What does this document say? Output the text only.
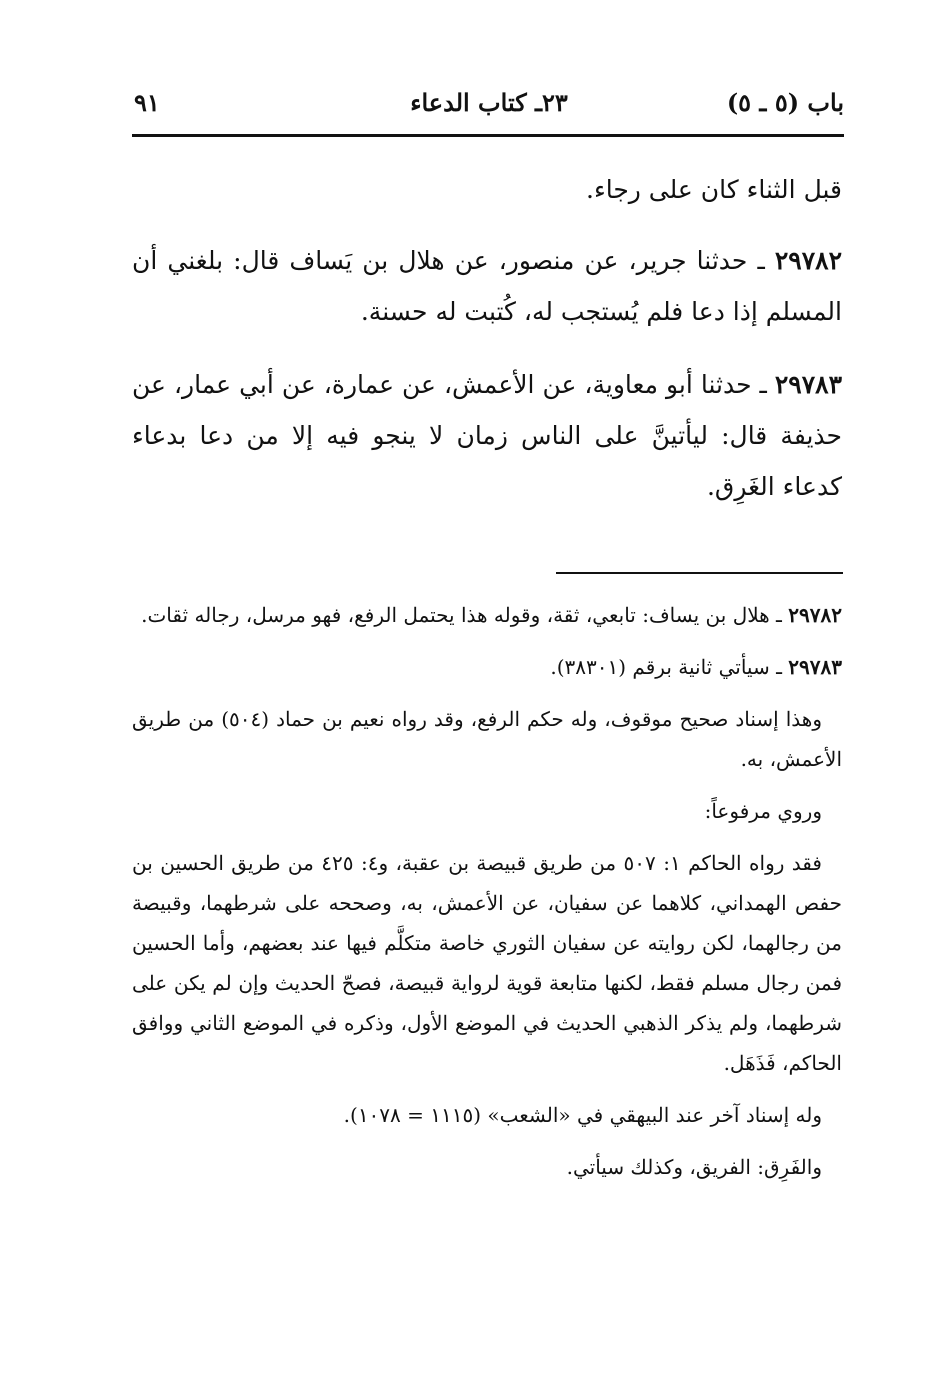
٩١	٢٣ـ كتاب الدعاء	باب (٥ ـ ٥)

قبل الثناء كان على رجاء.

٢٩٧٨٢ ـ حدثنا جرير، عن منصور، عن هلال بن يَساف قال: بلغني أن المسلم إذا دعا فلم يُستجب له، كُتبت له حسنة.

٢٩٧٨٣ ـ حدثنا أبو معاوية، عن الأعمش، عن عمارة، عن أبي عمار، عن حذيفة قال: ليأتينَّ على الناس زمان لا ينجو فيه إلا من دعا بدعاء كدعاء الغَرِق.

٢٩٧٨٢ ـ هلال بن يساف: تابعي، ثقة، وقوله هذا يحتمل الرفع، فهو مرسل، رجاله ثقات.

٢٩٧٨٣ ـ سيأتي ثانية برقم (٣٨٣٠١).

وهذا إسناد صحيح موقوف، وله حكم الرفع، وقد رواه نعيم بن حماد (٥٠٤) من طريق الأعمش، به.

وروي مرفوعاً:

فقد رواه الحاكم ١: ٥٠٧ من طريق قبيصة بن عقبة، و٤: ٤٢٥ من طريق الحسين بن حفص الهمداني، كلاهما عن سفيان، عن الأعمش، به، وصححه على شرطهما، وقبيصة من رجالهما، لكن روايته عن سفيان الثوري خاصة متكلَّم فيها عند بعضهم، وأما الحسين فمن رجال مسلم فقط، لكنها متابعة قوية لرواية قبيصة، فصحّ الحديث وإن لم يكن على شرطهما، ولم يذكر الذهبي الحديث في الموضع الأول، وذكره في الموضع الثاني ووافق الحاكم، فَذَهَل.

وله إسناد آخر عند البيهقي في «الشعب» (١١١٥ = ١٠٧٨).

والفَرِق: الفريق، وكذلك سيأتي.
